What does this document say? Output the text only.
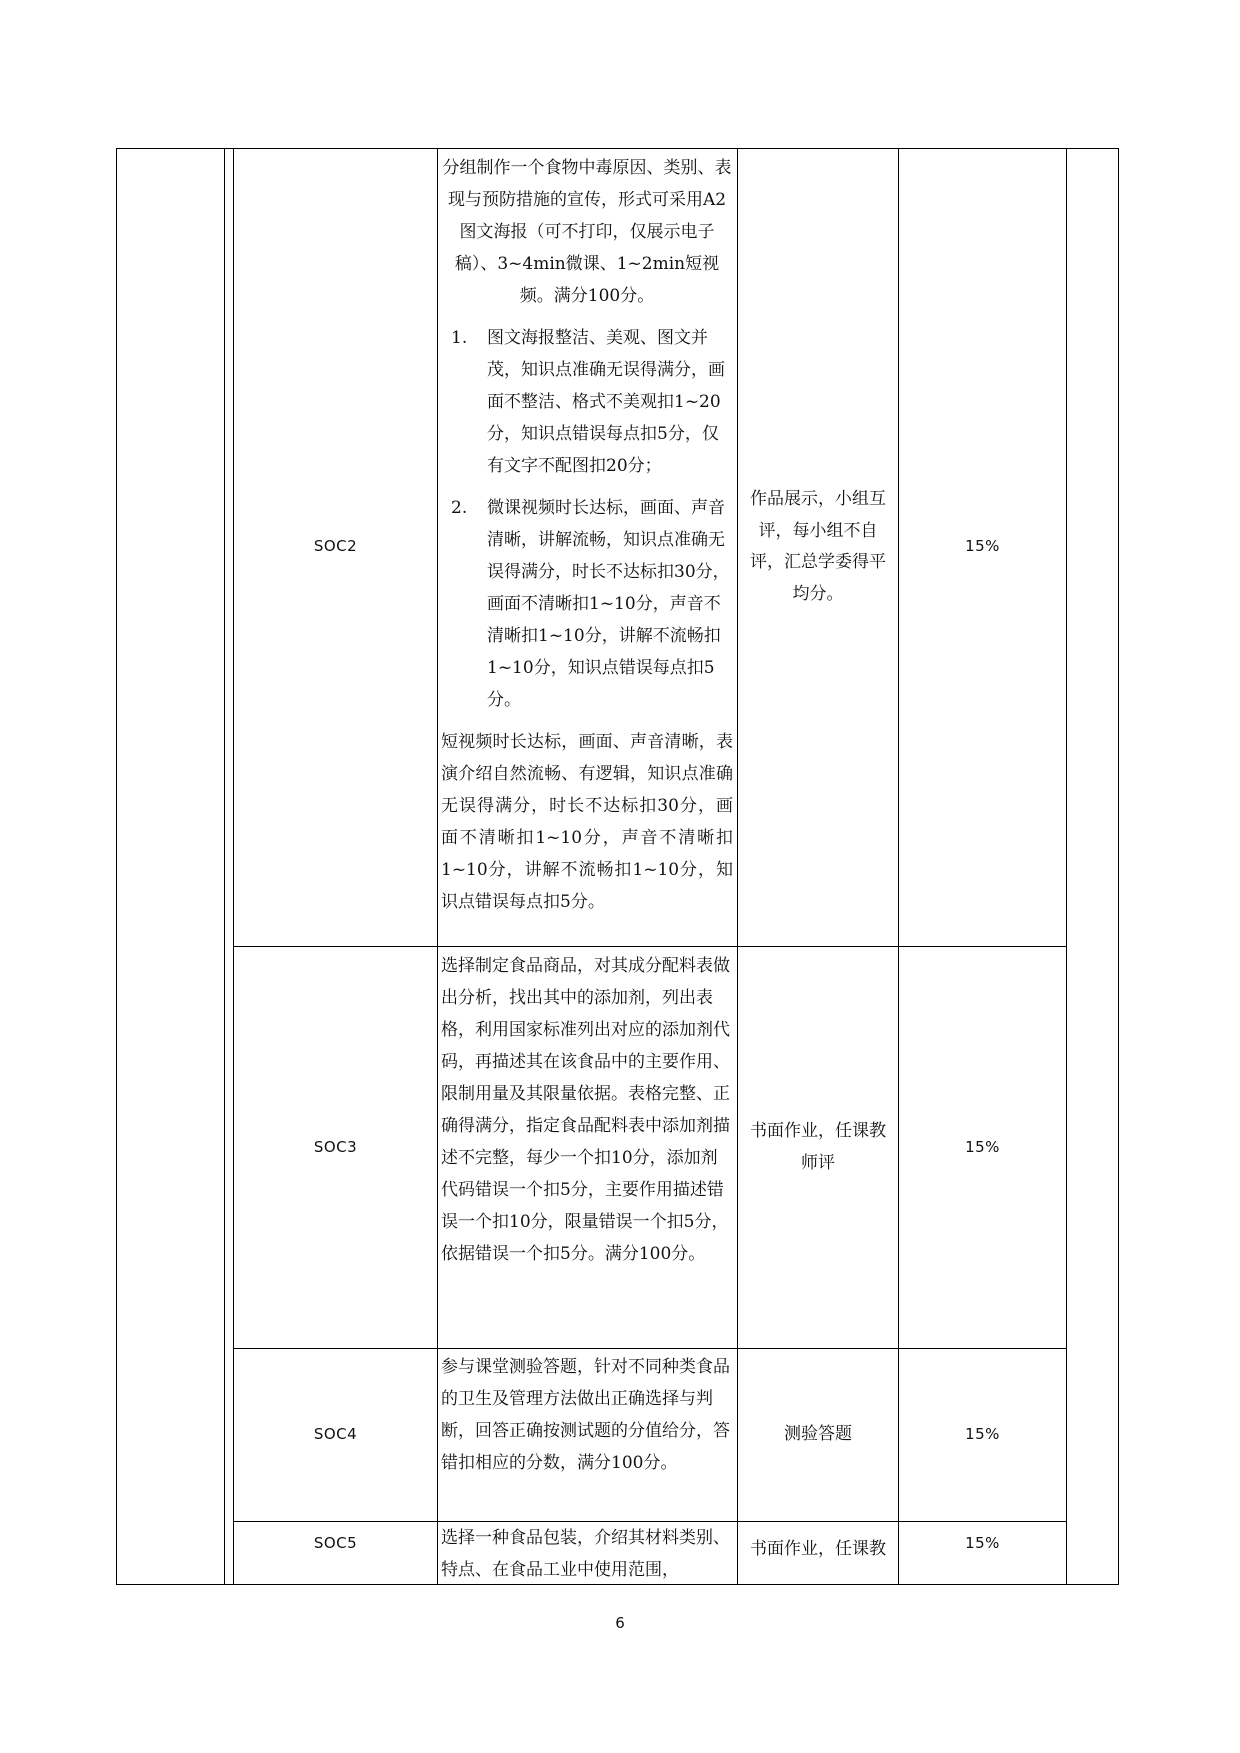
SOC2

分组制作一个食物中毒原因、类别、表现与预防措施的宣传，形式可采用A2图文海报（可不打印，仅展示电子稿）、3~4min微课、1~2min短视频。满分100分。

1.	图文海报整洁、美观、图文并茂，知识点准确无误得满分，画面不整洁、格式不美观扣1~20分，知识点错误每点扣5分，仅有文字不配图扣20分；
2.	微课视频时长达标，画面、声音清晰，讲解流畅，知识点准确无误得满分，时长不达标扣30分，画面不清晰扣1~10分，声音不清晰扣1~10分，讲解不流畅扣1~10分，知识点错误每点扣5分。

短视频时长达标，画面、声音清晰，表演介绍自然流畅、有逻辑，知识点准确无误得满分，时长不达标扣30分，画面不清晰扣1~10分，声音不清晰扣1~10分，讲解不流畅扣1~10分，知识点错误每点扣5分。

作品展示，小组互评，每小组不自评，汇总学委得平均分。
15%
SOC3
选择制定食品商品，对其成分配料表做出分析，找出其中的添加剂，列出表格，利用国家标准列出对应的添加剂代码，再描述其在该食品中的主要作用、限制用量及其限量依据。表格完整、正确得满分，指定食品配料表中添加剂描述不完整，每少一个扣10分，添加剂代码错误一个扣5分，主要作用描述错误一个扣10分，限量错误一个扣5分，依据错误一个扣5分。满分100分。
书面作业，任课教师评
15%
SOC4
参与课堂测验答题，针对不同种类食品的卫生及管理方法做出正确选择与判断，回答正确按测试题的分值给分，答错扣相应的分数，满分100分。
测验答题	15%
SOC5	选择一种食品包装，介绍其材料类别、特点、在食品工业中使用范围，
书面作业，任课教	15%
6
